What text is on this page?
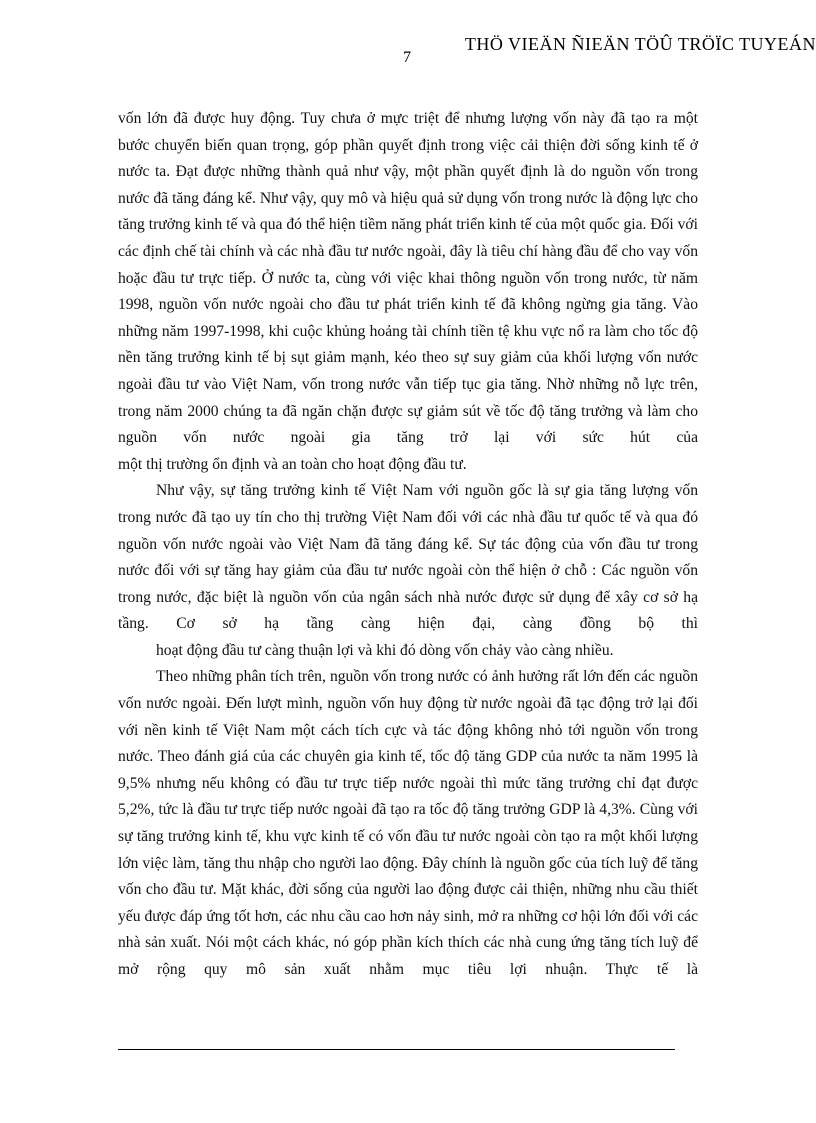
THÖ VIEÄN ÑIEÄN TÖÛ TRÖÏC TUYEÁN
7

vốn lớn đã được huy động. Tuy chưa ở mực triệt để nhưng lượng vốn này đã tạo ra một bước chuyển biến quan trọng, góp phần quyết định trong việc cải thiện đời sống kinh tế ở nước ta. Đạt được những thành quả như vậy, một phần quyết định là do nguồn vốn trong nước đã tăng đáng kể. Như vậy, quy mô và hiệu quả sử dụng vốn trong nước là động lực cho tăng trưởng kinh tế và qua đó thể hiện tiềm năng phát triển kinh tế của một quốc gia. Đối với các định chế tài chính và các nhà đầu tư nước ngoài, đây là tiêu chí hàng đầu để cho vay vốn hoặc đầu tư trực tiếp. Ở nước ta, cùng với việc khai thông nguồn vốn trong nước, từ năm 1998, nguồn vốn nước ngoài cho đầu tư phát triển kinh tế đã không ngừng gia tăng. Vào những năm 1997-1998, khi cuộc khủng hoảng tài chính tiền tệ khu vực nổ ra làm cho tốc độ nền tăng trưởng kinh tế bị sụt giảm mạnh, kéo theo sự suy giảm của khối lượng vốn nước ngoài đầu tư vào Việt Nam, vốn trong nước vẫn tiếp tục gia tăng. Nhờ những nỗ lực trên, trong năm 2000 chúng ta đã ngăn chặn được sự giảm sút về tốc độ tăng trưởng và làm cho nguồn vốn nước ngoài gia tăng trở lại với sức hút của
một thị trường ổn định và an toàn cho hoạt động đầu tư.

Như vậy, sự tăng trưởng kinh tế Việt Nam với nguồn gốc là sự gia tăng lượng vốn trong nước đã tạo uy tín cho thị trường Việt Nam đối với các nhà đầu tư quốc tế và qua đó nguồn vốn nước ngoài vào Việt Nam đã tăng đáng kể. Sự tác động của vốn đầu tư trong nước đối với sự tăng hay giảm của đầu tư nước ngoài còn thể hiện ở chỗ : Các nguồn vốn trong nước, đặc biệt là nguồn vốn của ngân sách nhà nước được sử dụng để xây cơ sở hạ tầng. Cơ sở hạ tầng càng hiện đại, càng đồng bộ thì
hoạt động đầu tư càng thuận lợi và khi đó dòng vốn chảy vào càng nhiều.

Theo những phân tích trên, nguồn vốn trong nước có ảnh hưởng rất lớn đến các nguồn vốn nước ngoài. Đến lượt mình, nguồn vốn huy động từ nước ngoài đã tạc động trở lại đối với nền kinh tế Việt Nam một cách tích cực và tác động không nhỏ tới nguồn vốn trong nước. Theo đánh giá của các chuyên gia kinh tế, tốc độ tăng GDP của nước ta năm 1995 là 9,5% nhưng nếu không có đầu tư trực tiếp nước ngoài thì mức tăng trưởng chỉ đạt được 5,2%, tức là đầu tư trực tiếp nước ngoài đã tạo ra tốc độ tăng trưởng GDP là 4,3%. Cùng với sự tăng trưởng kinh tế, khu vực kinh tế có vốn đầu tư nước ngoài còn tạo ra một khối lượng lớn việc làm, tăng thu nhập cho người lao động. Đây chính là nguồn gốc của tích luỹ để tăng vốn cho đầu tư. Mặt khác, đời sống của người lao động được cải thiện, những nhu cầu thiết yếu được đáp ứng tốt hơn, các nhu cầu cao hơn nảy sinh, mở ra những cơ hội lớn đối với các nhà sản xuất. Nói một cách khác, nó góp phần kích thích các nhà cung ứng tăng tích luỹ để mở rộng quy mô sản xuất nhằm mục tiêu lợi nhuận. Thực tế là
